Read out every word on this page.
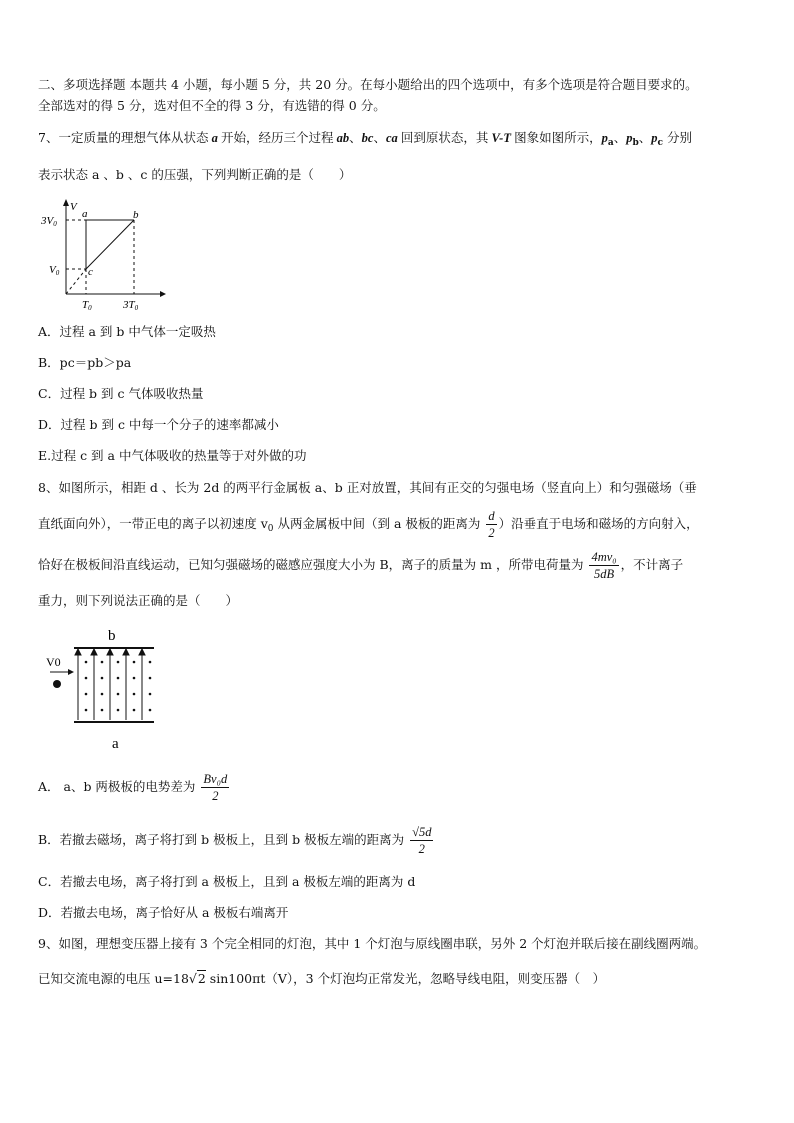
二、多项选择题 本题共 4 小题，每小题 5 分，共 20 分。在每小题给出的四个选项中，有多个选项是符合题目要求的。
全部选对的得 5 分，选对但不全的得 3 分，有选错的得 0 分。
7、一定质量的理想气体从状态 a 开始，经历三个过程 ab、bc、ca 回到原状态，其 V-T 图象如图所示，$p_a$、$p_b$、$p_c$ 分别
表示状态 a 、b 、c 的压强，下列判断正确的是（　　）
V
3V0
V0
T0	3T0
a	b
c
A．过程 a 到 b 中气体一定吸热
B．pc＝pb＞pa
C．过程 b 到 c 气体吸收热量
D．过程 b 到 c 中每一个分子的速率都减小
E.过程 c 到 a 中气体吸收的热量等于对外做的功
8、如图所示，相距 d 、长为 2d 的两平行金属板 a、b 正对放置，其间有正交的匀强电场（竖直向上）和匀强磁场（垂
直纸面向外），一带正电的离子以初速度 $v_0$ 从两金属板中间（到 a 极板的距离为 $\frac{d}{2}$ ）沿垂直于电场和磁场的方向射入，
恰好在极板间沿直线运动，已知匀强磁场的磁感应强度大小为 B，离子的质量为 m ，所带电荷量为 $\frac{\text{4mv₀}}{5dB}$ ，不计离子
重力，则下列说法正确的是（　　）
b
V0
a
A． a、b 两极板的电势差为 $\frac{\text{Bv₀d}}{2}$
B．若撤去磁场，离子将打到 b 极板上，且到 b 极板左端的距离为 $\frac{√5d}{2}$
C．若撤去电场，离子将打到 a 极板上，且到 a 极板左端的距离为 d
D．若撤去电场，离子恰好从 a 极板右端离开
9、如图，理想变压器上接有 3 个完全相同的灯泡，其中 1 个灯泡与原线圈串联，另外 2 个灯泡并联后接在副线圈两端。
已知交流电源的电压 u=18√2 sin100πt（V），3 个灯泡均正常发光，忽略导线电阻，则变压器（　）
